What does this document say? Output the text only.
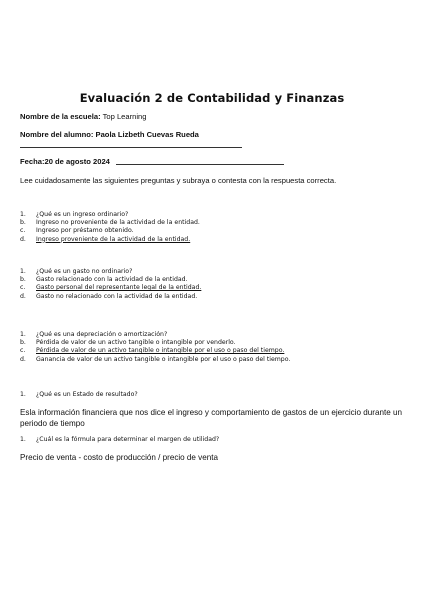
Evaluación 2 de Contabilidad y Finanzas
Nombre de la escuela: Top Learning
Nombre del alumno: Paola Lizbeth Cuevas Rueda
Fecha:20 de agosto 2024
Lee cuidadosamente las siguientes preguntas y subraya o contesta con la respuesta correcta.
1.	¿Qué es un ingreso ordinario?
b.	Ingreso no proveniente de la actividad de la entidad.
c.	Ingreso por préstamo obtenido.
d.	Ingreso proveniente de la actividad de la entidad.
1.	¿Qué es un gasto no ordinario?
b.	Gasto relacionado con la actividad de la entidad.
c.	Gasto personal del representante legal de la entidad.
d.	Gasto no relacionado con la actividad de la entidad.
1.	¿Qué es una depreciación o amortización?
b.	Pérdida de valor de un activo tangible o intangible por venderlo.
c.	Pérdida de valor de un activo tangible o intangible por el uso o paso del tiempo.
d.	Ganancia de valor de un activo tangible o intangible por el uso o paso del tiempo.
1.	¿Qué es un Estado de resultado?
Esla información financiera que nos dice el ingreso y comportamiento de gastos de un ejercicio durante un periodo de tiempo
1.	¿Cuál es la fórmula para determinar el margen de utilidad?
Precio de venta - costo de producción / precio de venta
